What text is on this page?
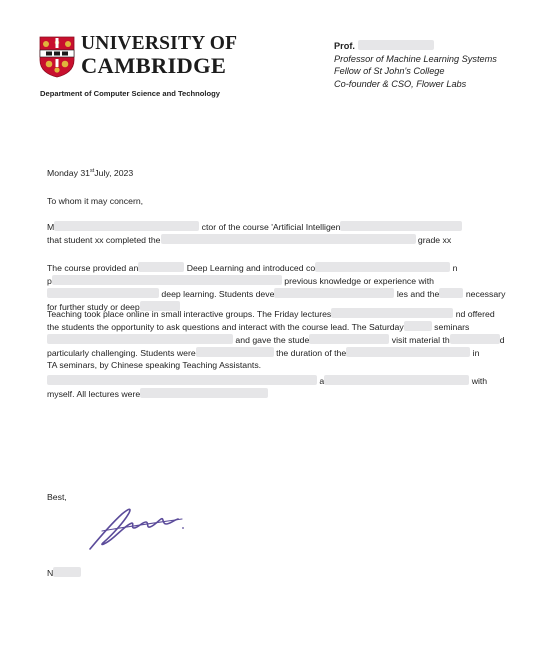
UNIVERSITY OF
CAMBRIDGE
Department of Computer Science and Technology
Prof.
Professor of Machine Learning Systems
Fellow of St John's College
Co-founder & CSO, Flower Labs
Monday 31stJuly, 2023
To whom it may concern,
M	ctor of the course 'Artificial Intelligen
that student xx completed the	grade xx
The course provided an	Deep Learning and introduced co	n
p	previous knowledge or experience with
deep learning. Students deve	les and the	necessary
for further study or deep
Teaching took place online in small interactive groups. The Friday lectures	nd offered
the students the opportunity to ask questions and interact with the course lead. The Saturday	seminars
and gave the stude	visit material th	d
particularly challenging. Students were	the duration of the	in
TA seminars, by Chinese speaking Teaching Assistants.
a	with
myself. All lectures were
Best,
N
